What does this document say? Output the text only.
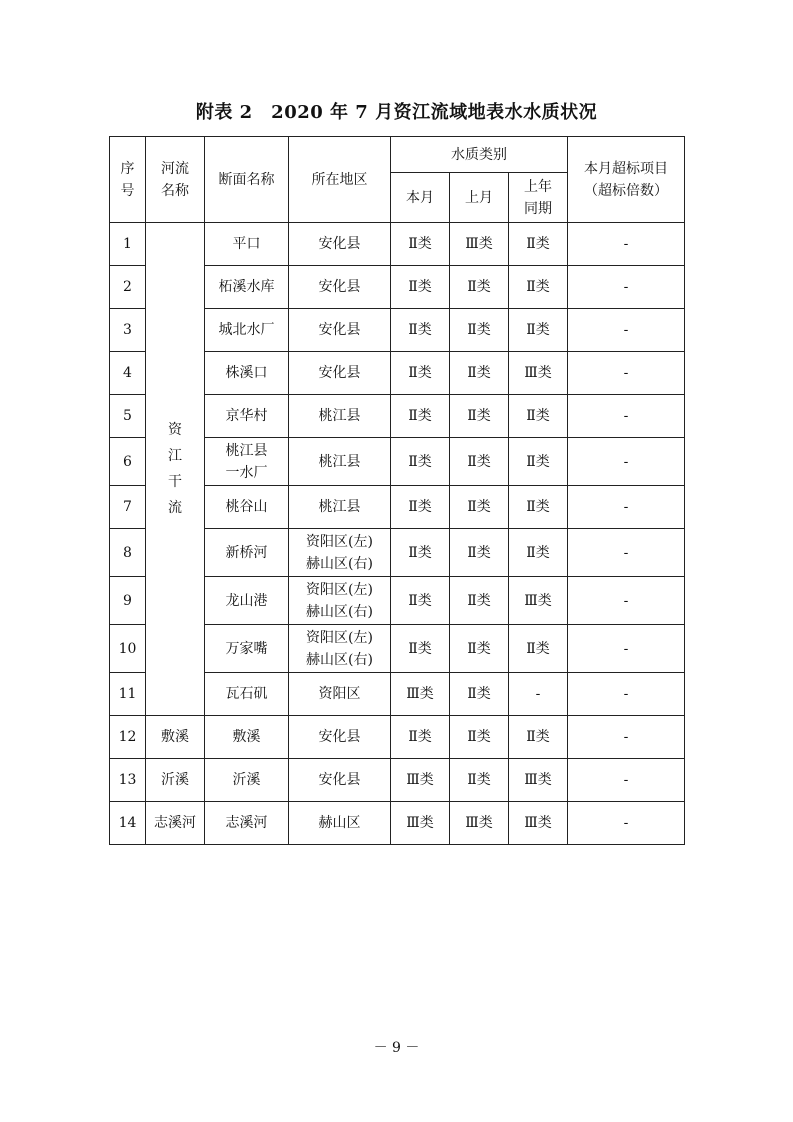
附表 2　2020 年 7 月资江流域地表水水质状况
序
号	河流
名称	断面名称	所在地区	水质类别			本月超标项目
（超标倍数）

				本月	上月	上年
同期	

1	资
江
干
流	平口	安化县	Ⅱ类	Ⅲ类	Ⅱ类	-
2		柘溪水库	安化县	Ⅱ类	Ⅱ类	Ⅱ类	-
3		城北水厂	安化县	Ⅱ类	Ⅱ类	Ⅱ类	-
4		株溪口	安化县	Ⅱ类	Ⅱ类	Ⅲ类	-
5		京华村	桃江县	Ⅱ类	Ⅱ类	Ⅱ类	-
6		桃江县
一水厂	桃江县	Ⅱ类	Ⅱ类	Ⅱ类	-
7		桃谷山	桃江县	Ⅱ类	Ⅱ类	Ⅱ类	-
8		新桥河	资阳区(左)
赫山区(右)	Ⅱ类	Ⅱ类	Ⅱ类	-
9		龙山港	资阳区(左)
赫山区(右)	Ⅱ类	Ⅱ类	Ⅲ类	-
10		万家嘴	资阳区(左)
赫山区(右)	Ⅱ类	Ⅱ类	Ⅱ类	-
11		瓦石矶	资阳区	Ⅲ类	Ⅱ类	-	-
12	敷溪	敷溪	安化县	Ⅱ类	Ⅱ类	Ⅱ类	-
13	沂溪	沂溪	安化县	Ⅲ类	Ⅱ类	Ⅲ类	-
14	志溪河	志溪河	赫山区	Ⅲ类	Ⅲ类	Ⅲ类	-
－ 9 －
